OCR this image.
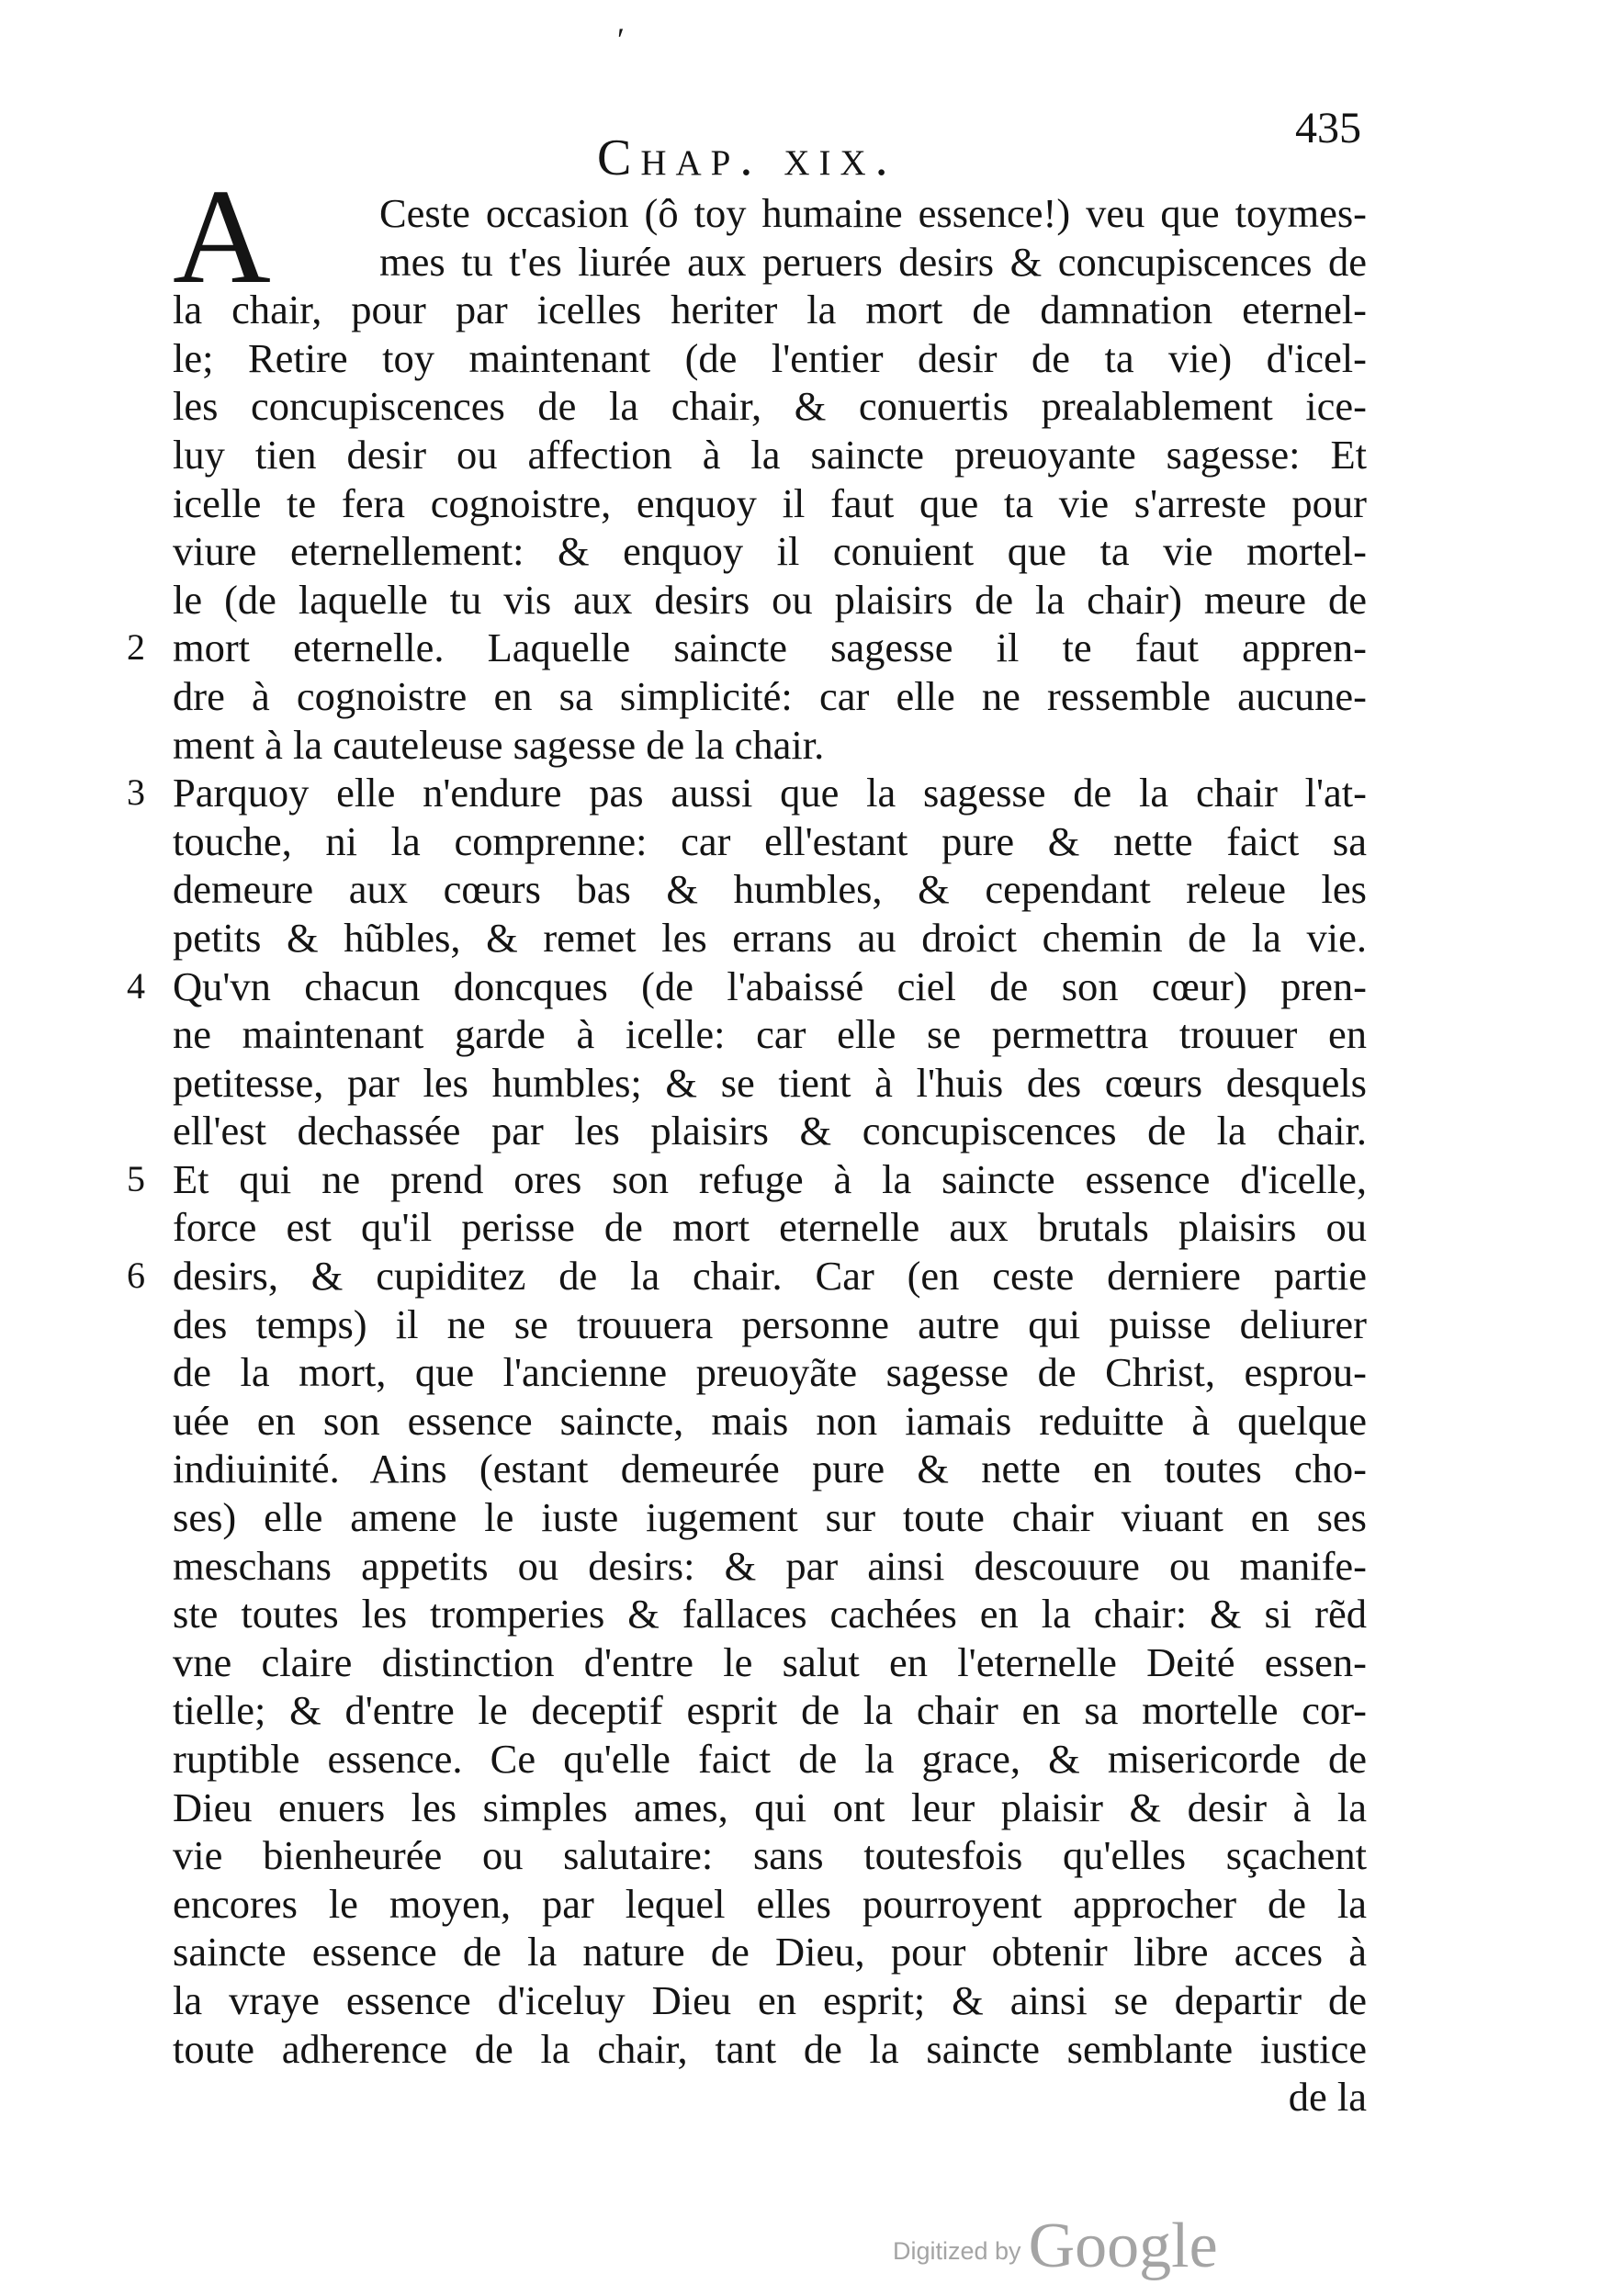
ʹ
435
Chap. xix.
A	Ceste occasion (ô toy humaine essence!) veu que toymes-
mes tu t'es liurée aux peruers desirs & concupiscences de
la chair, pour par icelles heriter la mort de damnation eternel-
le; Retire toy maintenant (de l'entier desir de ta vie) d'icel-
les concupiscences de la chair, & conuertis prealablement ice-
luy tien desir ou affection à la saincte preuoyante sagesse: Et
icelle te fera cognoistre, enquoy il faut que ta vie s'arreste pour
viure eternellement: & enquoy il conuient que ta vie mortel-
le (de laquelle tu vis aux desirs ou plaisirs de la chair) meure de
2 mort eternelle. Laquelle saincte sagesse il te faut appren-
dre à cognoistre en sa simplicité: car elle ne ressemble aucune-
ment à la cauteleuse sagesse de la chair.
3 Parquoy elle n'endure pas aussi que la sagesse de la chair l'at-
touche, ni la comprenne: car ell'estant pure & nette faict sa
demeure aux cœurs bas & humbles, & cependant releue les
petits & hũbles, & remet les errans au droict chemin de la vie.
4 Qu'vn chacun doncques (de l'abaissé ciel de son cœur) pren-
ne maintenant garde à icelle: car elle se permettra trouuer en
petitesse, par les humbles; & se tient à l'huis des cœurs desquels
ell'est dechassée par les plaisirs & concupiscences de la chair.
5 Et qui ne prend ores son refuge à la saincte essence d'icelle,
force est qu'il perisse de mort eternelle aux brutals plaisirs ou
6 desirs, & cupiditez de la chair. Car (en ceste derniere partie
des temps) il ne se trouuera personne autre qui puisse deliurer
de la mort, que l'ancienne preuoyãte sagesse de Christ, esprou-
uée en son essence saincte, mais non iamais reduitte à quelque
indiuinité. Ains (estant demeurée pure & nette en toutes cho-
ses) elle amene le iuste iugement sur toute chair viuant en ses
meschans appetits ou desirs: & par ainsi descouure ou manife-
ste toutes les tromperies & fallaces cachées en la chair: & si rẽd
vne claire distinction d'entre le salut en l'eternelle Deité essen-
tielle; & d'entre le deceptif esprit de la chair en sa mortelle cor-
ruptible essence. Ce qu'elle faict de la grace, & misericorde de
Dieu enuers les simples ames, qui ont leur plaisir & desir à la
vie bienheurée ou salutaire: sans toutesfois qu'elles sçachent
encores le moyen, par lequel elles pourroyent approcher de la
saincte essence de la nature de Dieu, pour obtenir libre acces à
la vraye essence d'iceluy Dieu en esprit; & ainsi se departir de
toute adherence de la chair, tant de la saincte semblante iustice
de la
Digitized by Google
